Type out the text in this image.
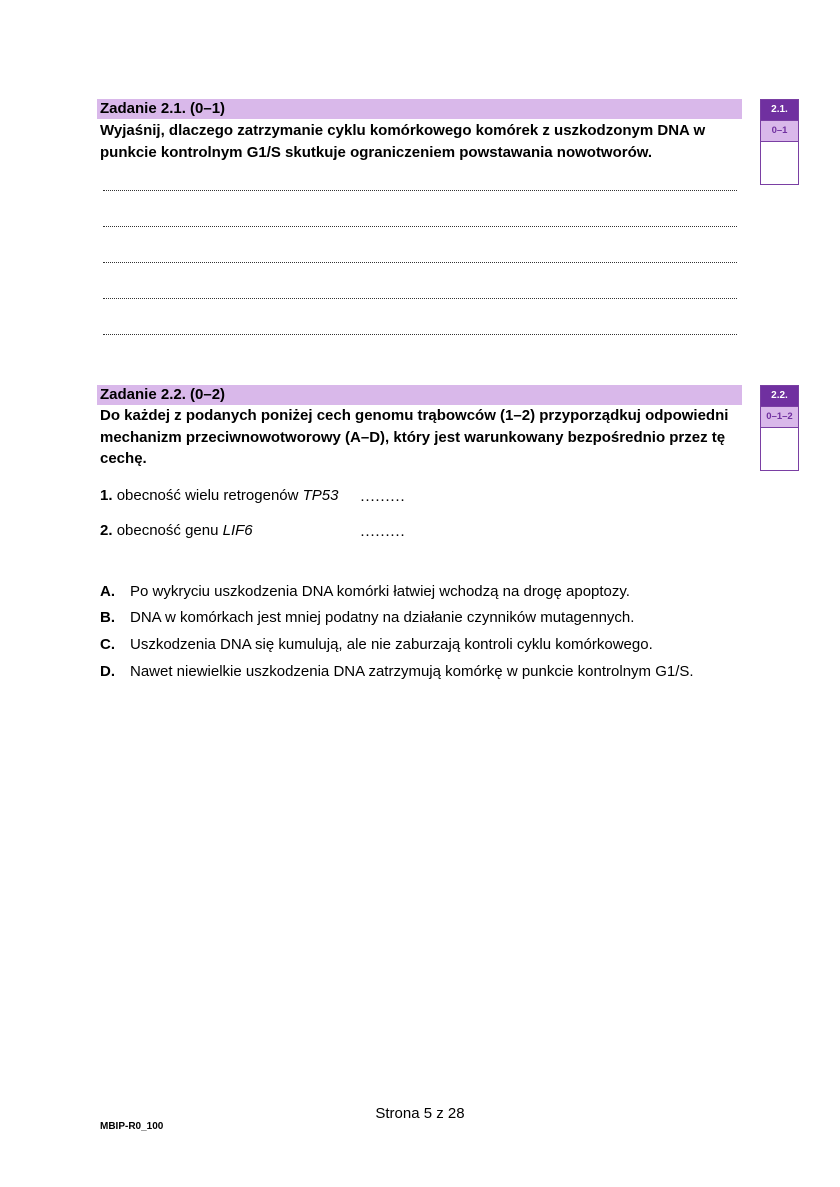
Zadanie 2.1. (0–1)
Wyjaśnij, dlaczego zatrzymanie cyklu komórkowego komórek z uszkodzonym DNA w punkcie kontrolnym G1/S skutkuje ograniczeniem powstawania nowotworów.
2.1.
0–1
Zadanie 2.2. (0–2)
Do każdej z podanych poniżej cech genomu trąbowców (1–2) przyporządkuj odpowiedni mechanizm przeciwnowotworowy (A–D), który jest warunkowany bezpośrednio przez tę cechę.
2.2.
0–1–2
1. obecność wielu retrogenów TP53 ………
2. obecność genu LIF6	………
A. Po wykryciu uszkodzenia DNA komórki łatwiej wchodzą na drogę apoptozy.
B. DNA w komórkach jest mniej podatny na działanie czynników mutagennych.
C. Uszkodzenia DNA się kumulują, ale nie zaburzają kontroli cyklu komórkowego.
D. Nawet niewielkie uszkodzenia DNA zatrzymują komórkę w punkcie kontrolnym G1/S.
Strona 5 z 28
MBIP-R0_100
